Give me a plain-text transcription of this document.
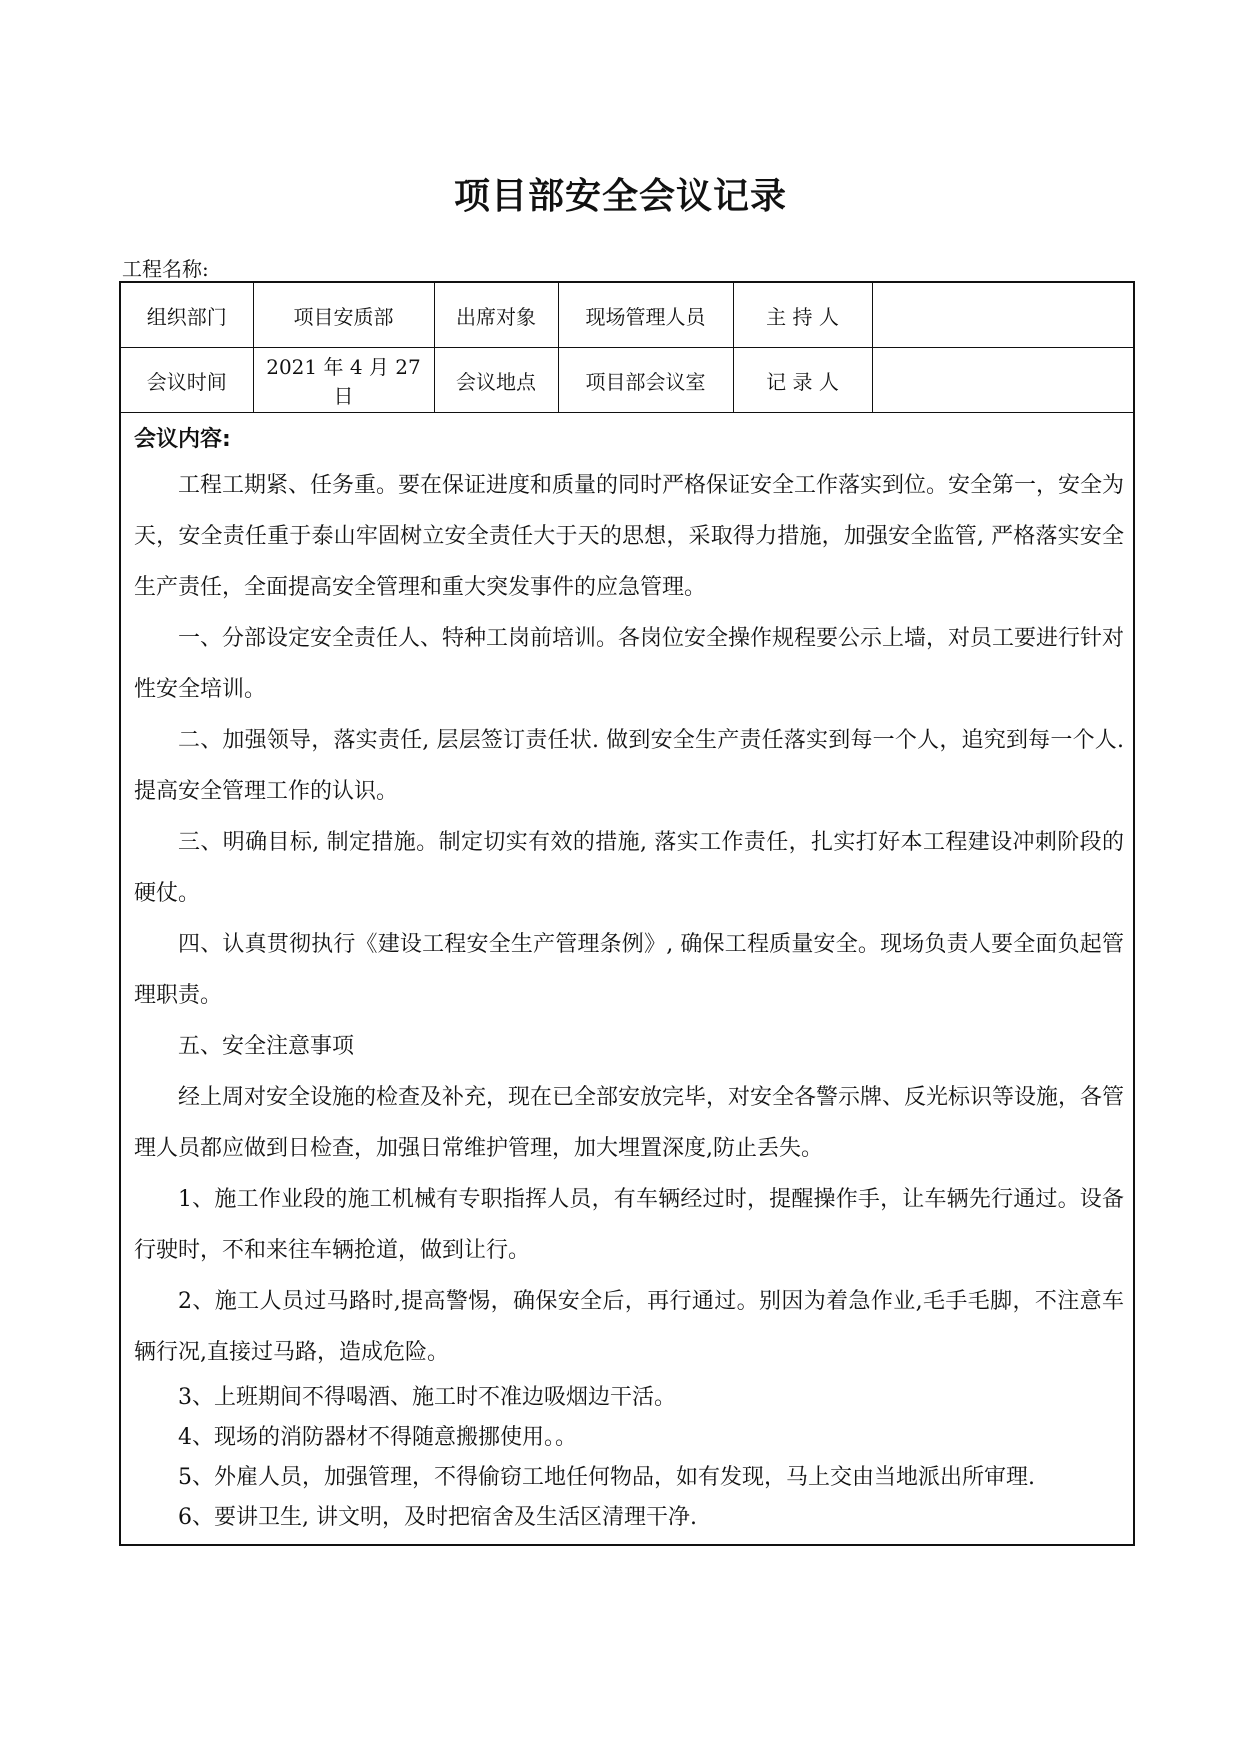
项目部安全会议记录
工程名称:
组织部门	项目安质部	出席对象	现场管理人员	主 持 人	
会议时间	2021 年 4 月 27 日	会议地点	项目部会议室	记 录 人	
会议内容:

工程工期紧、任务重。要在保证进度和质量的同时严格保证安全工作落实到位。安全第一，安全为天，安全责任重于泰山牢固树立安全责任大于天的思想，采取得力措施，加强安全监管, 严格落实安全生产责任，全面提高安全管理和重大突发事件的应急管理。

一、分部设定安全责任人、特种工岗前培训。各岗位安全操作规程要公示上墙，对员工要进行针对性安全培训。

二、加强领导，落实责任, 层层签订责任状. 做到安全生产责任落实到每一个人，追究到每一个人. 提高安全管理工作的认识。

三、明确目标, 制定措施。制定切实有效的措施, 落实工作责任，扎实打好本工程建设冲刺阶段的硬仗。

四、认真贯彻执行《建设工程安全生产管理条例》, 确保工程质量安全。现场负责人要全面负起管理职责。

五、安全注意事项

经上周对安全设施的检查及补充，现在已全部安放完毕，对安全各警示牌、反光标识等设施，各管理人员都应做到日检查，加强日常维护管理，加大埋置深度,防止丢失。

1、施工作业段的施工机械有专职指挥人员，有车辆经过时，提醒操作手，让车辆先行通过。设备行驶时，不和来往车辆抢道，做到让行。

2、施工人员过马路时,提高警惕，确保安全后，再行通过。别因为着急作业,毛手毛脚，不注意车辆行况,直接过马路，造成危险。

3、上班期间不得喝酒、施工时不准边吸烟边干活。

4、现场的消防器材不得随意搬挪使用。。

5、外雇人员，加强管理，不得偷窃工地任何物品，如有发现，马上交由当地派出所审理.

6、要讲卫生, 讲文明，及时把宿舍及生活区清理干净.
